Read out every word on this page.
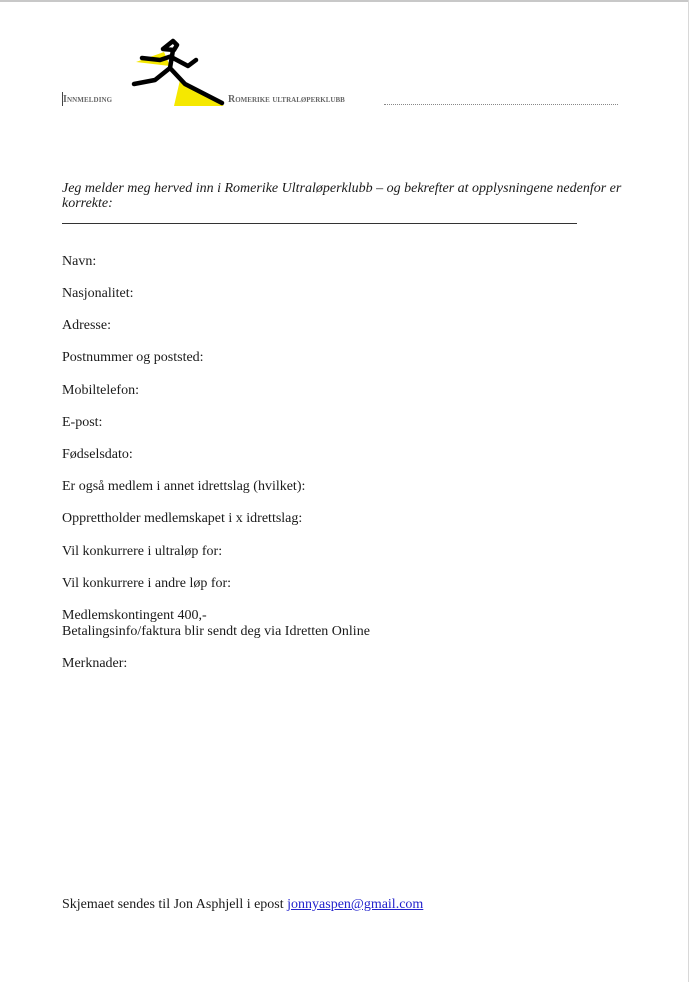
Innmelding	Romerike ultraløperklubb
Jeg melder meg herved inn i Romerike Ultraløperklubb – og bekrefter at opplysningene nedenfor er korrekte:
Navn:
Nasjonalitet:
Adresse:
Postnummer og poststed:
Mobiltelefon:
E-post:
Fødselsdato:
Er også medlem i annet idrettslag (hvilket):
Opprettholder medlemskapet i x idrettslag:
Vil konkurrere i ultraløp for:
Vil konkurrere i andre løp for:
Medlemskontingent 400,-
Betalingsinfo/faktura blir sendt deg via Idretten Online
Merknader:
Skjemaet sendes til Jon Asphjell i epost jonnyaspen@gmail.com
